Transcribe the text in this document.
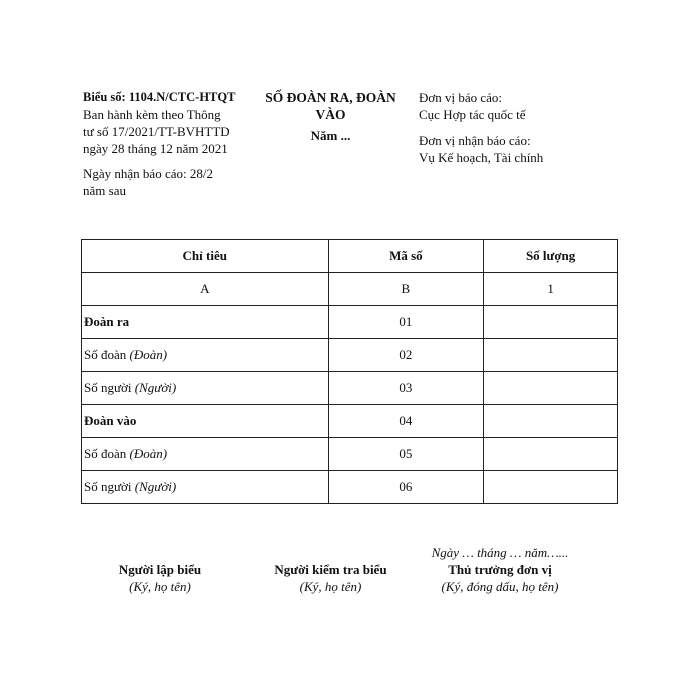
Biểu số: 1104.N/CTC-HTQT
Ban hành kèm theo Thông
tư số 17/2021/TT-BVHTTD
ngày 28 tháng 12 năm 2021
Ngày nhận báo cáo: 28/2
năm sau
SỐ ĐOÀN RA, ĐOÀN
VÀO
Năm ...
Đơn vị báo cáo:
Cục Hợp tác quốc tế
Đơn vị nhận báo cáo:
Vụ Kế hoạch, Tài chính
Chỉ tiêu	Mã số	Số lượng
A	B	1
Đoàn ra	01	
Số đoàn (Đoàn)	02	
Số người (Người)	03	
Đoàn vào	04	
Số đoàn (Đoàn)	05	
Số người (Người)	06	
Ngày … tháng … năm…...
Người lập biểu
(Ký, họ tên)
Người kiểm tra biểu
(Ký, họ tên)
Thủ trưởng đơn vị
(Ký, đóng dấu, họ tên)
